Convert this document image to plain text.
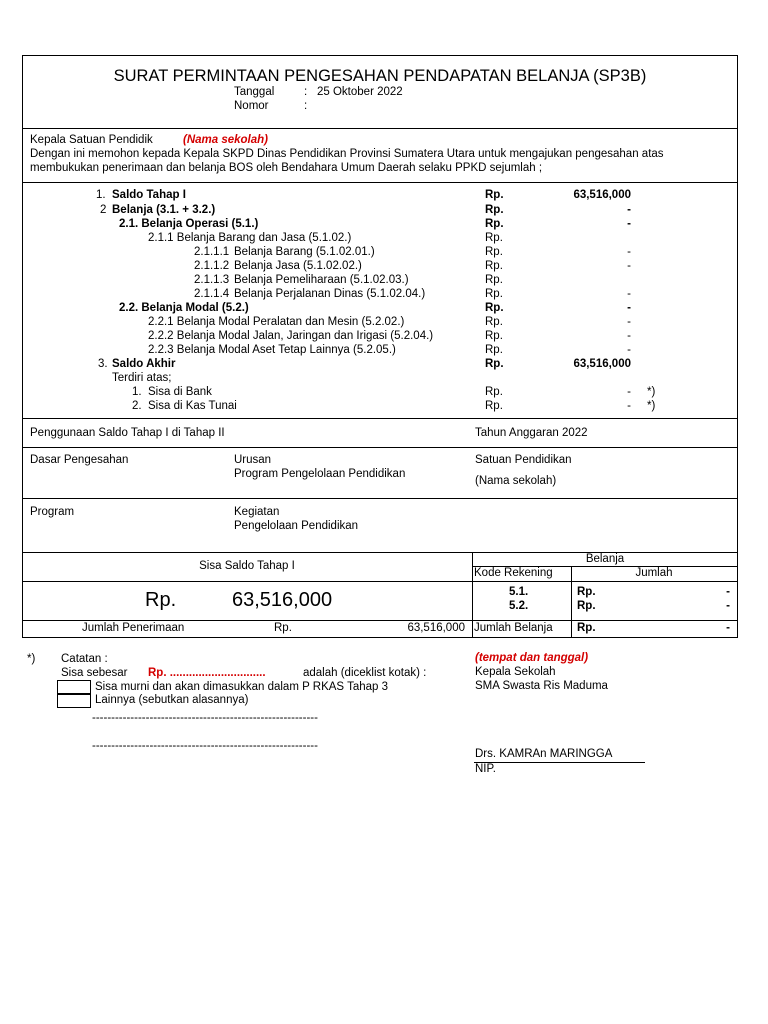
SURAT PERMINTAAN PENGESAHAN PENDAPATAN BELANJA (SP3B)
Tanggal	: 25 Oktober 2022
Nomor	:
Kepala Satuan Pendidik	(Nama sekolah)
Dengan ini memohon kepada Kepala SKPD Dinas Pendidikan Provinsi Sumatera Utara untuk mengajukan pengesahan atas
membukukan penerimaan dan belanja BOS oleh Bendahara Umum Daerah selaku PPKD sejumlah ;
1. Saldo Tahap I	Rp.	63,516,000
2 Belanja (3.1. + 3.2.)	Rp.	-
2.1. Belanja Operasi (5.1.)	Rp.	-
2.1.1 Belanja Barang dan Jasa (5.1.02.)	Rp.
2.1.1.1 Belanja Barang (5.1.02.01.)	Rp.	-
2.1.1.2 Belanja Jasa (5.1.02.02.)	Rp.	-
2.1.1.3 Belanja Pemeliharaan (5.1.02.03.)	Rp.
2.1.1.4 Belanja Perjalanan Dinas (5.1.02.04.)	Rp.	-
2.2. Belanja Modal (5.2.)	Rp.	-
2.2.1 Belanja Modal Peralatan dan Mesin (5.2.02.)	Rp.	-
2.2.2 Belanja Modal Jalan, Jaringan dan Irigasi (5.2.04.)	Rp.	-
2.2.3 Belanja Modal Aset Tetap Lainnya (5.2.05.)	Rp.	-
3. Saldo Akhir	Rp.	63,516,000
Terdiri atas;
1. Sisa di Bank	Rp.	- *)
2. Sisa di Kas Tunai	Rp.	- *)
Penggunaan Saldo Tahap I di Tahap II	Tahun Anggaran 2022
Dasar Pengesahan	Urusan
Program Pengelolaan Pendidikan
Satuan Pendidikan
(Nama sekolah)
Program	Kegiatan
Pengelolaan Pendidikan
Sisa Saldo Tahap I
Belanja
Kode Rekening	Jumlah
Rp.	63,516,000	5.1.	Rp.	-
5.2.	Rp.	-
Jumlah Penerimaan	Rp.	63,516,000 Jumlah Belanja	Rp.	-
*) Catatan :
Sisa sebesar Rp. ..............................	adalah (diceklist kotak) :
Sisa murni dan akan dimasukkan dalam P RKAS Tahap 3
Lainnya (sebutkan alasannya)
-----------------------------------------------------------
-----------------------------------------------------------
(tempat dan tanggal)
Kepala Sekolah
SMA Swasta Ris Maduma
Drs. KAMRAn MARINGGA
NIP.
